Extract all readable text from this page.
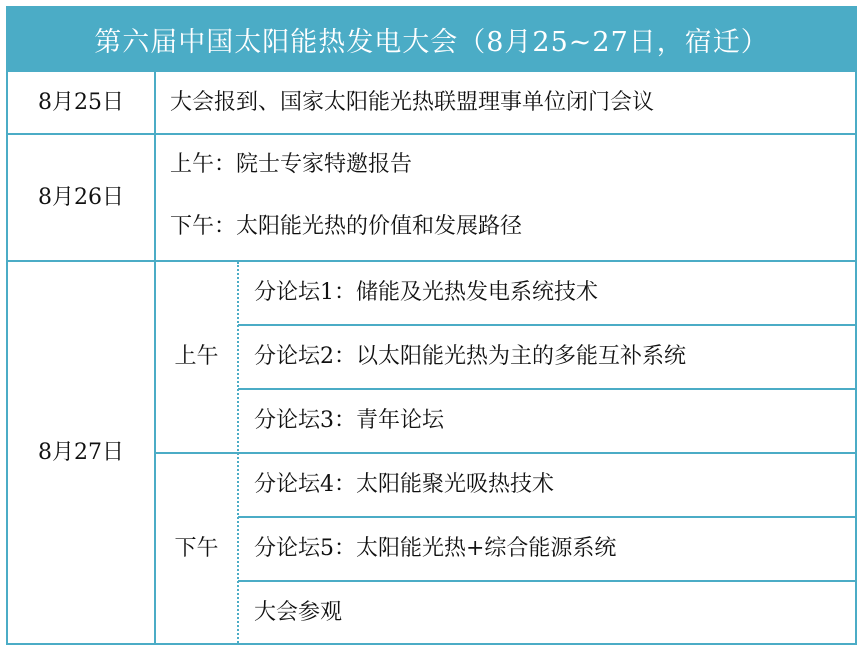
第六届中国太阳能热发电大会（8月25~27日，宿迁）
8月25日	大会报到、国家太阳能光热联盟理事单位闭门会议
8月26日
上午：院士专家特邀报告
下午：太阳能光热的价值和发展路径
8月27日
上午
下午
分论坛1：储能及光热发电系统技术
分论坛2：以太阳能光热为主的多能互补系统
分论坛3：青年论坛
分论坛4：太阳能聚光吸热技术
分论坛5：太阳能光热+综合能源系统
大会参观
